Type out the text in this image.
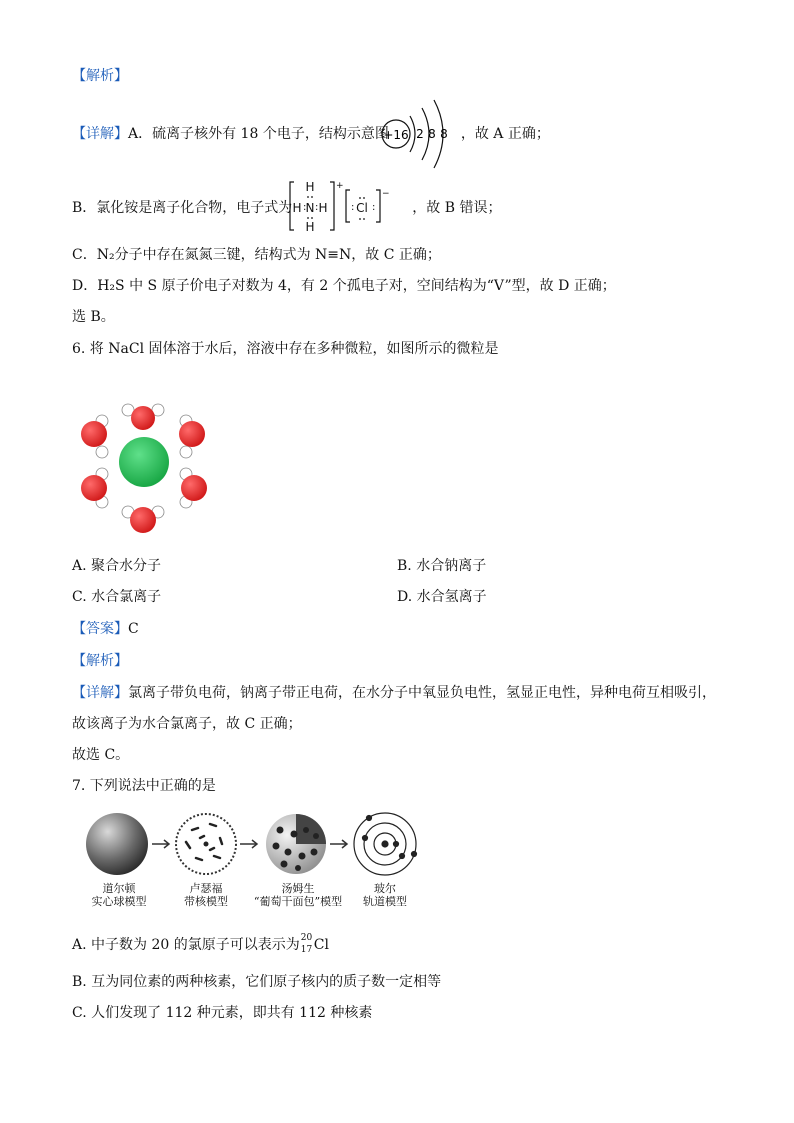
【解析】
【详解】A．硫离子核外有 18 个电子，结构示意图	，故 A 正确；
+16 2 8 8
B．氯化铵是离子化合物，电子式为	，故 B 错误；
H
N
H
H H
: :
+
Cl
: :
−
C．N₂分子中存在氮氮三键，结构式为 N≡N，故 C 正确；
D．H₂S 中 S 原子价电子对数为 4，有 2 个孤电子对，空间结构为“V”型，故 D 正确；
选 B。
6. 将 NaCl 固体溶于水后，溶液中存在多种微粒，如图所示的微粒是
A. 聚合水分子	B. 水合钠离子
C. 水合氯离子	D. 水合氢离子
【答案】C
【解析】
【详解】氯离子带负电荷，钠离子带正电荷，在水分子中氧显负电性，氢显正电性，异种电荷互相吸引，
故该离子为水合氯离子，故 C 正确；
故选 C。
7. 下列说法中正确的是
道尔顿
实心球模型
卢瑟福
带核模型
汤姆生
“葡萄干面包”模型
玻尔
轨道模型
A. 中子数为 20 的氯原子可以表示为 20
17 Cl
B. 互为同位素的两种核素，它们原子核内的质子数一定相等
C. 人们发现了 112 种元素，即共有 112 种核素
